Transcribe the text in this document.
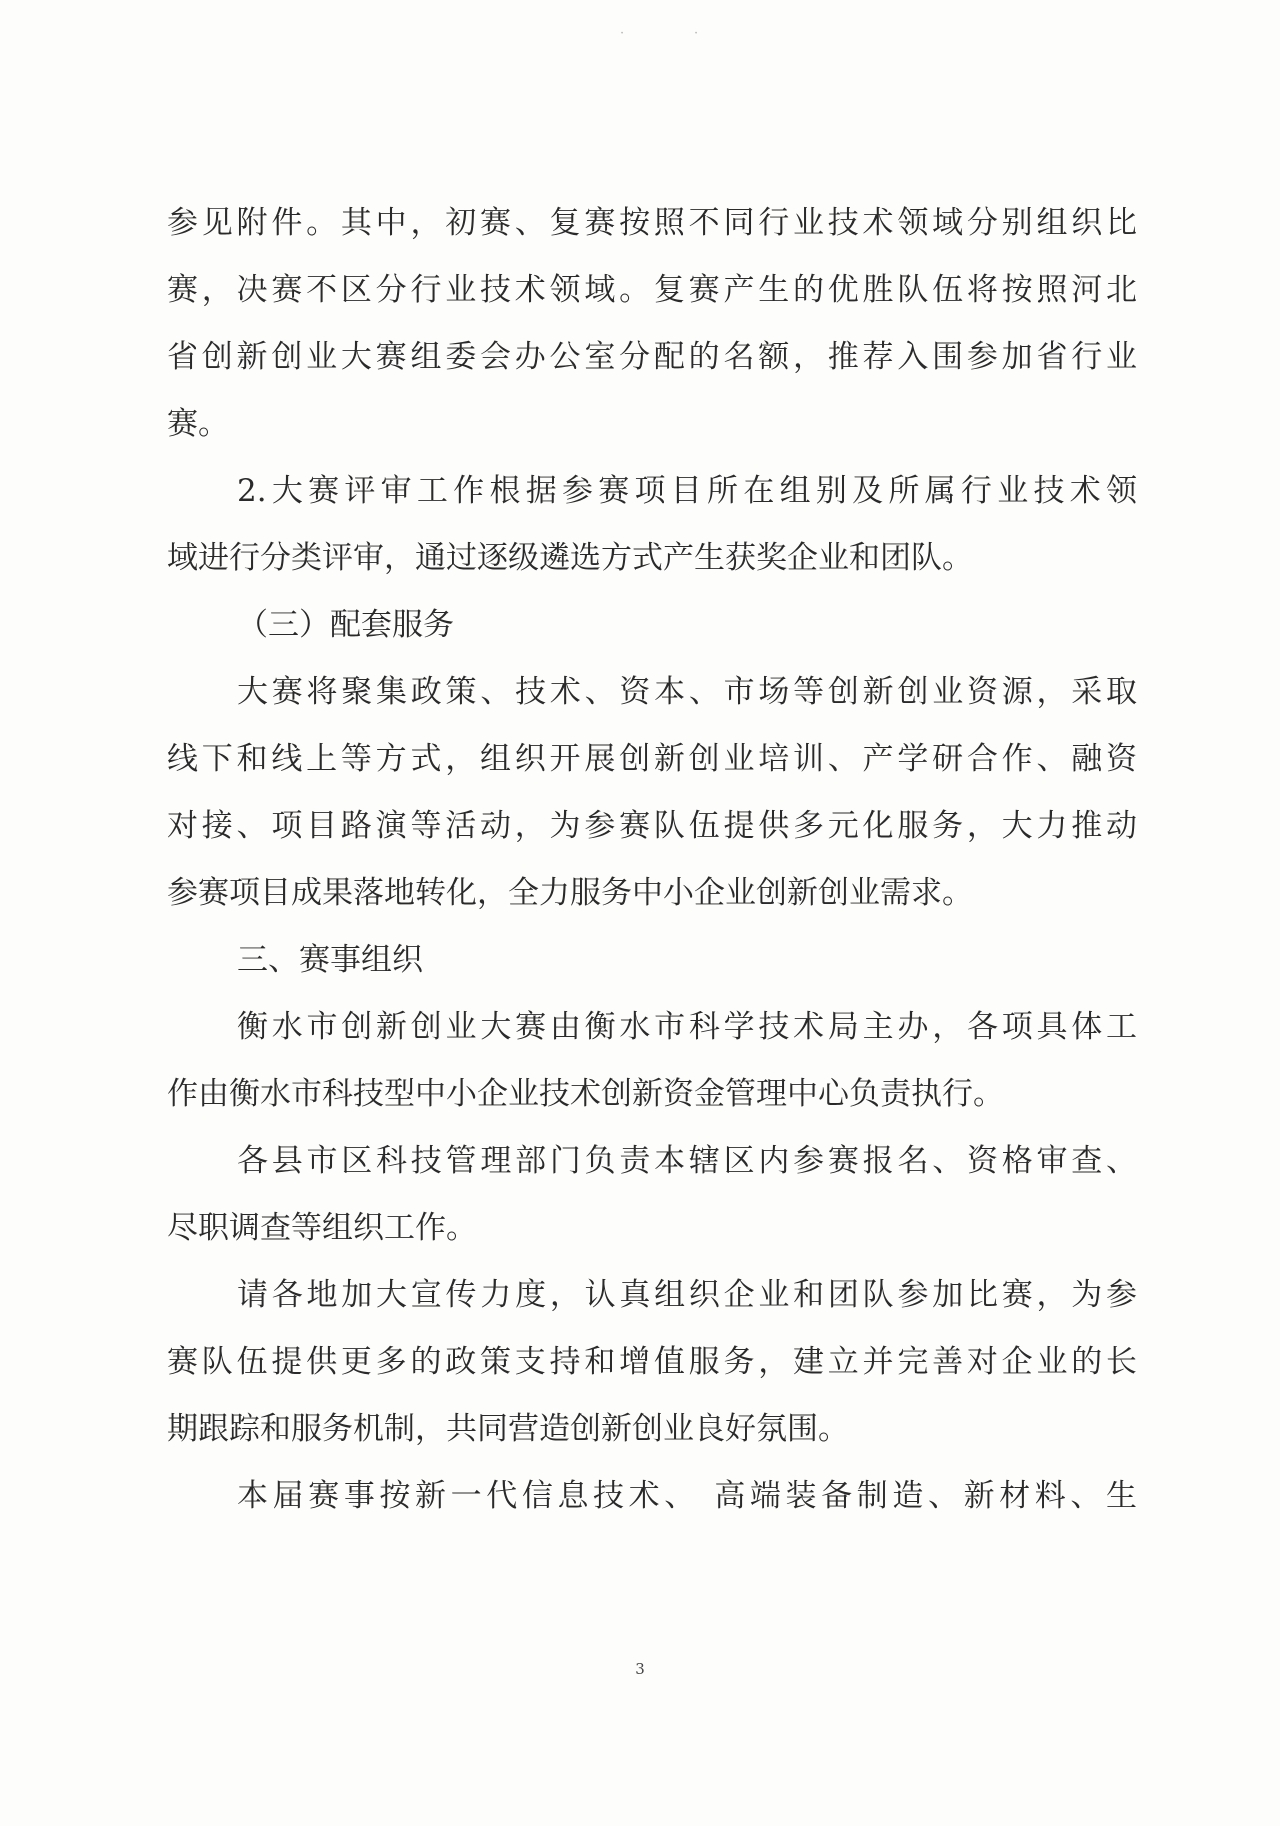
·	·
参见附件。其中，初赛、复赛按照不同行业技术领域分别组织比
赛，决赛不区分行业技术领域。复赛产生的优胜队伍将按照河北
省创新创业大赛组委会办公室分配的名额，推荐入围参加省行业
赛。
2.大赛评审工作根据参赛项目所在组别及所属行业技术领
域进行分类评审，通过逐级遴选方式产生获奖企业和团队。
（三）配套服务
大赛将聚集政策、技术、资本、市场等创新创业资源，采取
线下和线上等方式，组织开展创新创业培训、产学研合作、融资
对接、项目路演等活动，为参赛队伍提供多元化服务，大力推动
参赛项目成果落地转化，全力服务中小企业创新创业需求。
三、赛事组织
衡水市创新创业大赛由衡水市科学技术局主办，各项具体工
作由衡水市科技型中小企业技术创新资金管理中心负责执行。
各县市区科技管理部门负责本辖区内参赛报名、资格审查、
尽职调查等组织工作。
请各地加大宣传力度，认真组织企业和团队参加比赛，为参
赛队伍提供更多的政策支持和增值服务，建立并完善对企业的长
期跟踪和服务机制，共同营造创新创业良好氛围。
本届赛事按新一代信息技术、 高端装备制造、新材料、生
3
